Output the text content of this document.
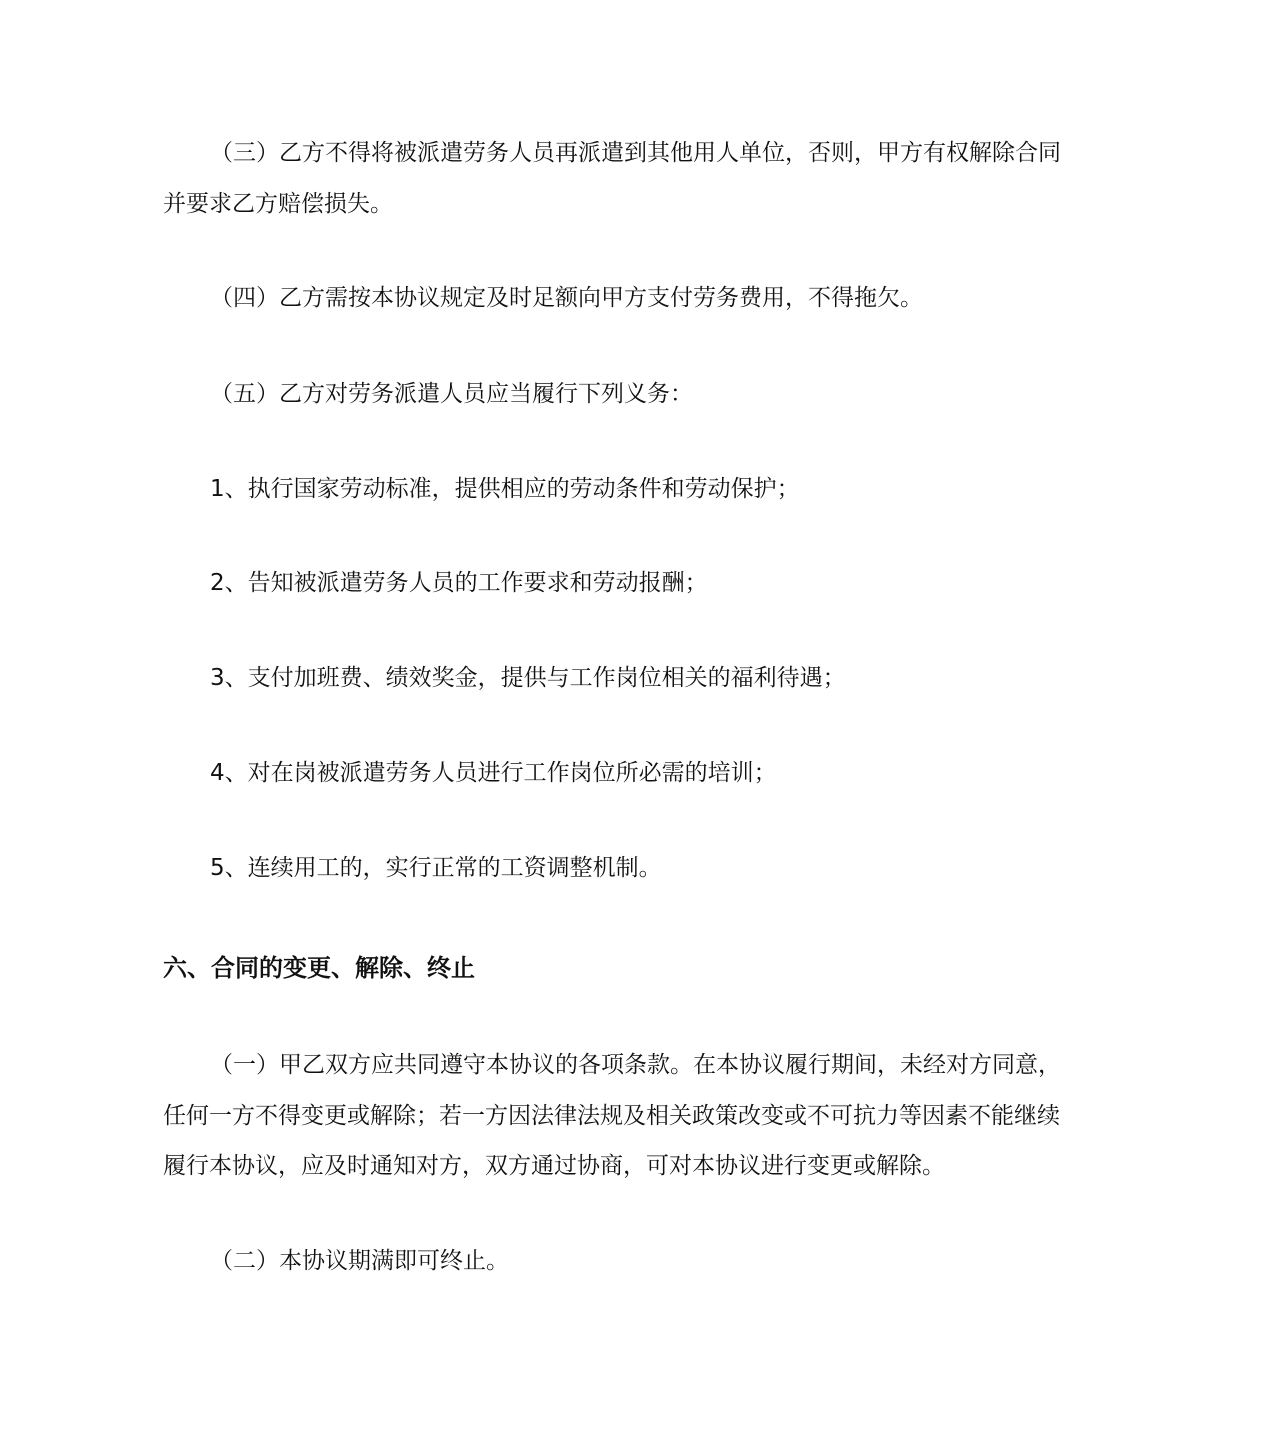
（三）乙方不得将被派遣劳务人员再派遣到其他用人单位，否则，甲方有权解除合同
并要求乙方赔偿损失。
（四）乙方需按本协议规定及时足额向甲方支付劳务费用，不得拖欠。
（五）乙方对劳务派遣人员应当履行下列义务：
1、执行国家劳动标准，提供相应的劳动条件和劳动保护；
2、告知被派遣劳务人员的工作要求和劳动报酬；
3、支付加班费、绩效奖金，提供与工作岗位相关的福利待遇；
4、对在岗被派遣劳务人员进行工作岗位所必需的培训；
5、连续用工的，实行正常的工资调整机制。
六、合同的变更、解除、终止
（一）甲乙双方应共同遵守本协议的各项条款。在本协议履行期间，未经对方同意，
任何一方不得变更或解除；若一方因法律法规及相关政策改变或不可抗力等因素不能继续
履行本协议，应及时通知对方，双方通过协商，可对本协议进行变更或解除。
（二）本协议期满即可终止。
